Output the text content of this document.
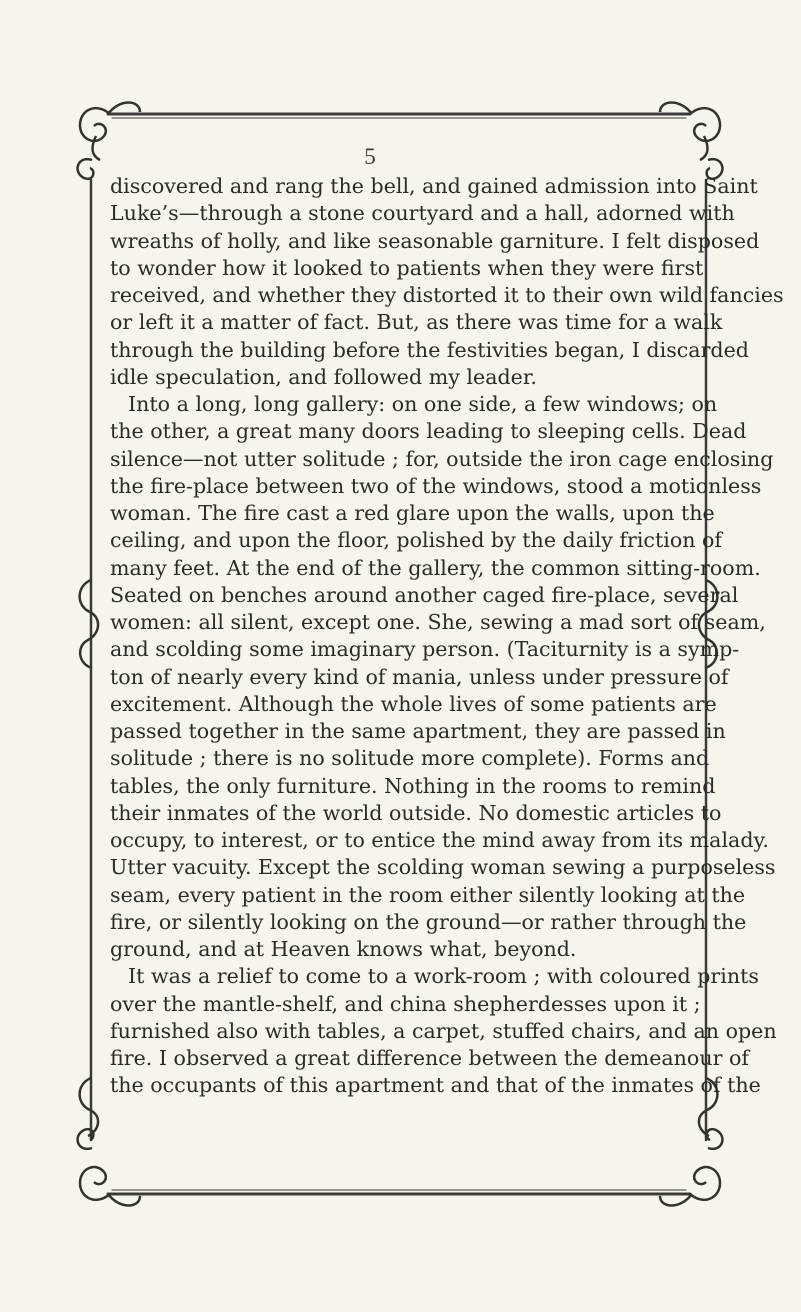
5
discovered and rang the bell, and gained admission into Saint
Luke’s—through a stone courtyard and a hall, adorned with
wreaths of holly, and like seasonable garniture. I felt disposed
to wonder how it looked to patients when they were first
received, and whether they distorted it to their own wild fancies
or left it a matter of fact. But, as there was time for a walk
through the building before the festivities began, I discarded
idle speculation, and followed my leader.
Into a long, long gallery: on one side, a few windows; on
the other, a great many doors leading to sleeping cells. Dead
silence—not utter solitude ; for, outside the iron cage enclosing
the fire-place between two of the windows, stood a motionless
woman. The fire cast a red glare upon the walls, upon the
ceiling, and upon the floor, polished by the daily friction of
many feet. At the end of the gallery, the common sitting-room.
Seated on benches around another caged fire-place, several
women: all silent, except one. She, sewing a mad sort of seam,
and scolding some imaginary person. (Taciturnity is a symp-
ton of nearly every kind of mania, unless under pressure of
excitement. Although the whole lives of some patients are
passed together in the same apartment, they are passed in
solitude ; there is no solitude more complete). Forms and
tables, the only furniture. Nothing in the rooms to remind
their inmates of the world outside. No domestic articles to
occupy, to interest, or to entice the mind away from its malady.
Utter vacuity. Except the scolding woman sewing a purposeless
seam, every patient in the room either silently looking at the
fire, or silently looking on the ground—or rather through the
ground, and at Heaven knows what, beyond.
It was a relief to come to a work-room ; with coloured prints
over the mantle-shelf, and china shepherdesses upon it ;
furnished also with tables, a carpet, stuffed chairs, and an open
fire. I observed a great difference between the demeanour of
the occupants of this apartment and that of the inmates of the
